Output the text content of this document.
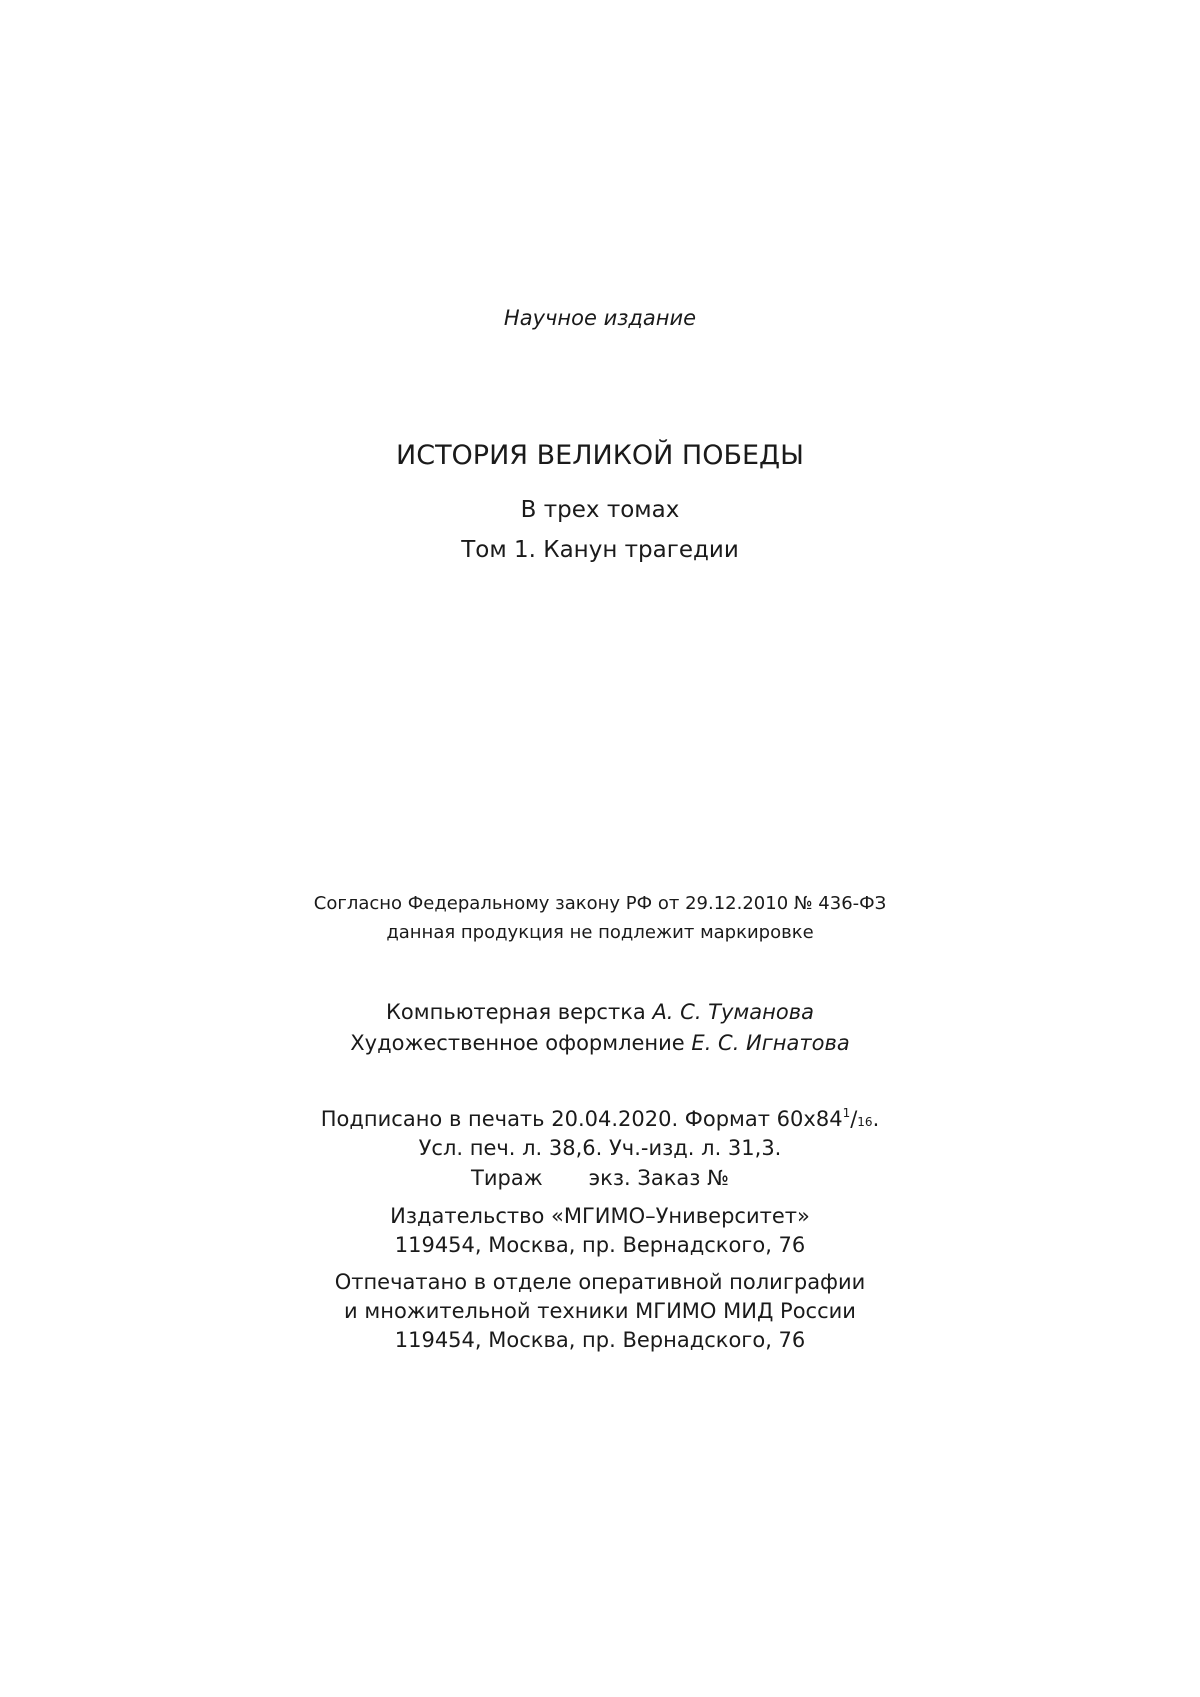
Научное издание
ИСТОРИЯ ВЕЛИКОЙ ПОБЕДЫ
В трех томах
Том 1. Канун трагедии
Согласно Федеральному закону РФ от 29.12.2010 № 436-ФЗ
данная продукция не подлежит маркировке
Компьютерная верстка А. С. Туманова
Художественное оформление Е. С. Игнатова
Подписано в печать 20.04.2020. Формат $60х84^1/16$.
Усл. печ. л. 38,6. Уч.-изд. л. 31,3.
Тираж экз. Заказ №
Издательство «МГИМО–Университет»
119454, Москва, пр. Вернадского, 76
Отпечатано в отделе оперативной полиграфии
и множительной техники МГИМО МИД России
119454, Москва, пр. Вернадского, 76
